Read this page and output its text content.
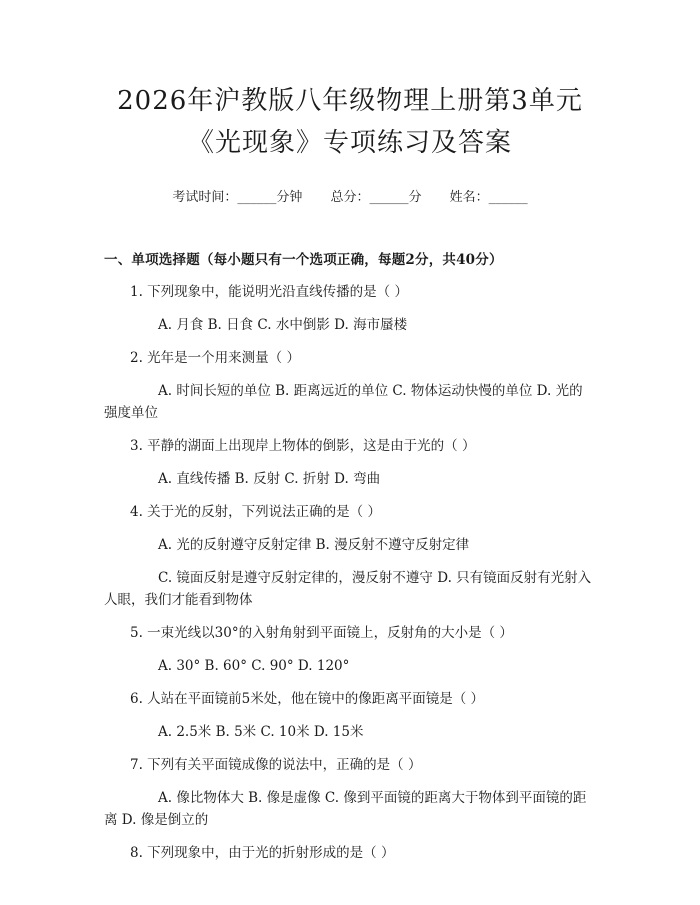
2026年沪教版八年级物理上册第3单元《光现象》专项练习及答案
考试时间：______分钟 总分：______分 姓名：______
一、单项选择题（每小题只有一个选项正确，每题2分，共40分）
1. 下列现象中，能说明光沿直线传播的是（ ）
A. 月食 B. 日食 C. 水中倒影 D. 海市蜃楼
2. 光年是一个用来测量（ ）
A. 时间长短的单位 B. 距离远近的单位 C. 物体运动快慢的单位 D. 光的强度单位
3. 平静的湖面上出现岸上物体的倒影，这是由于光的（ ）
A. 直线传播 B. 反射 C. 折射 D. 弯曲
4. 关于光的反射，下列说法正确的是（ ）
A. 光的反射遵守反射定律 B. 漫反射不遵守反射定律
C. 镜面反射是遵守反射定律的，漫反射不遵守 D. 只有镜面反射有光射入人眼，我们才能看到物体
5. 一束光线以30°的入射角射到平面镜上，反射角的大小是（ ）
A. 30° B. 60° C. 90° D. 120°
6. 人站在平面镜前5米处，他在镜中的像距离平面镜是（ ）
A. 2.5米 B. 5米 C. 10米 D. 15米
7. 下列有关平面镜成像的说法中，正确的是（ ）
A. 像比物体大 B. 像是虚像 C. 像到平面镜的距离大于物体到平面镜的距离 D. 像是倒立的
8. 下列现象中，由于光的折射形成的是（ ）
